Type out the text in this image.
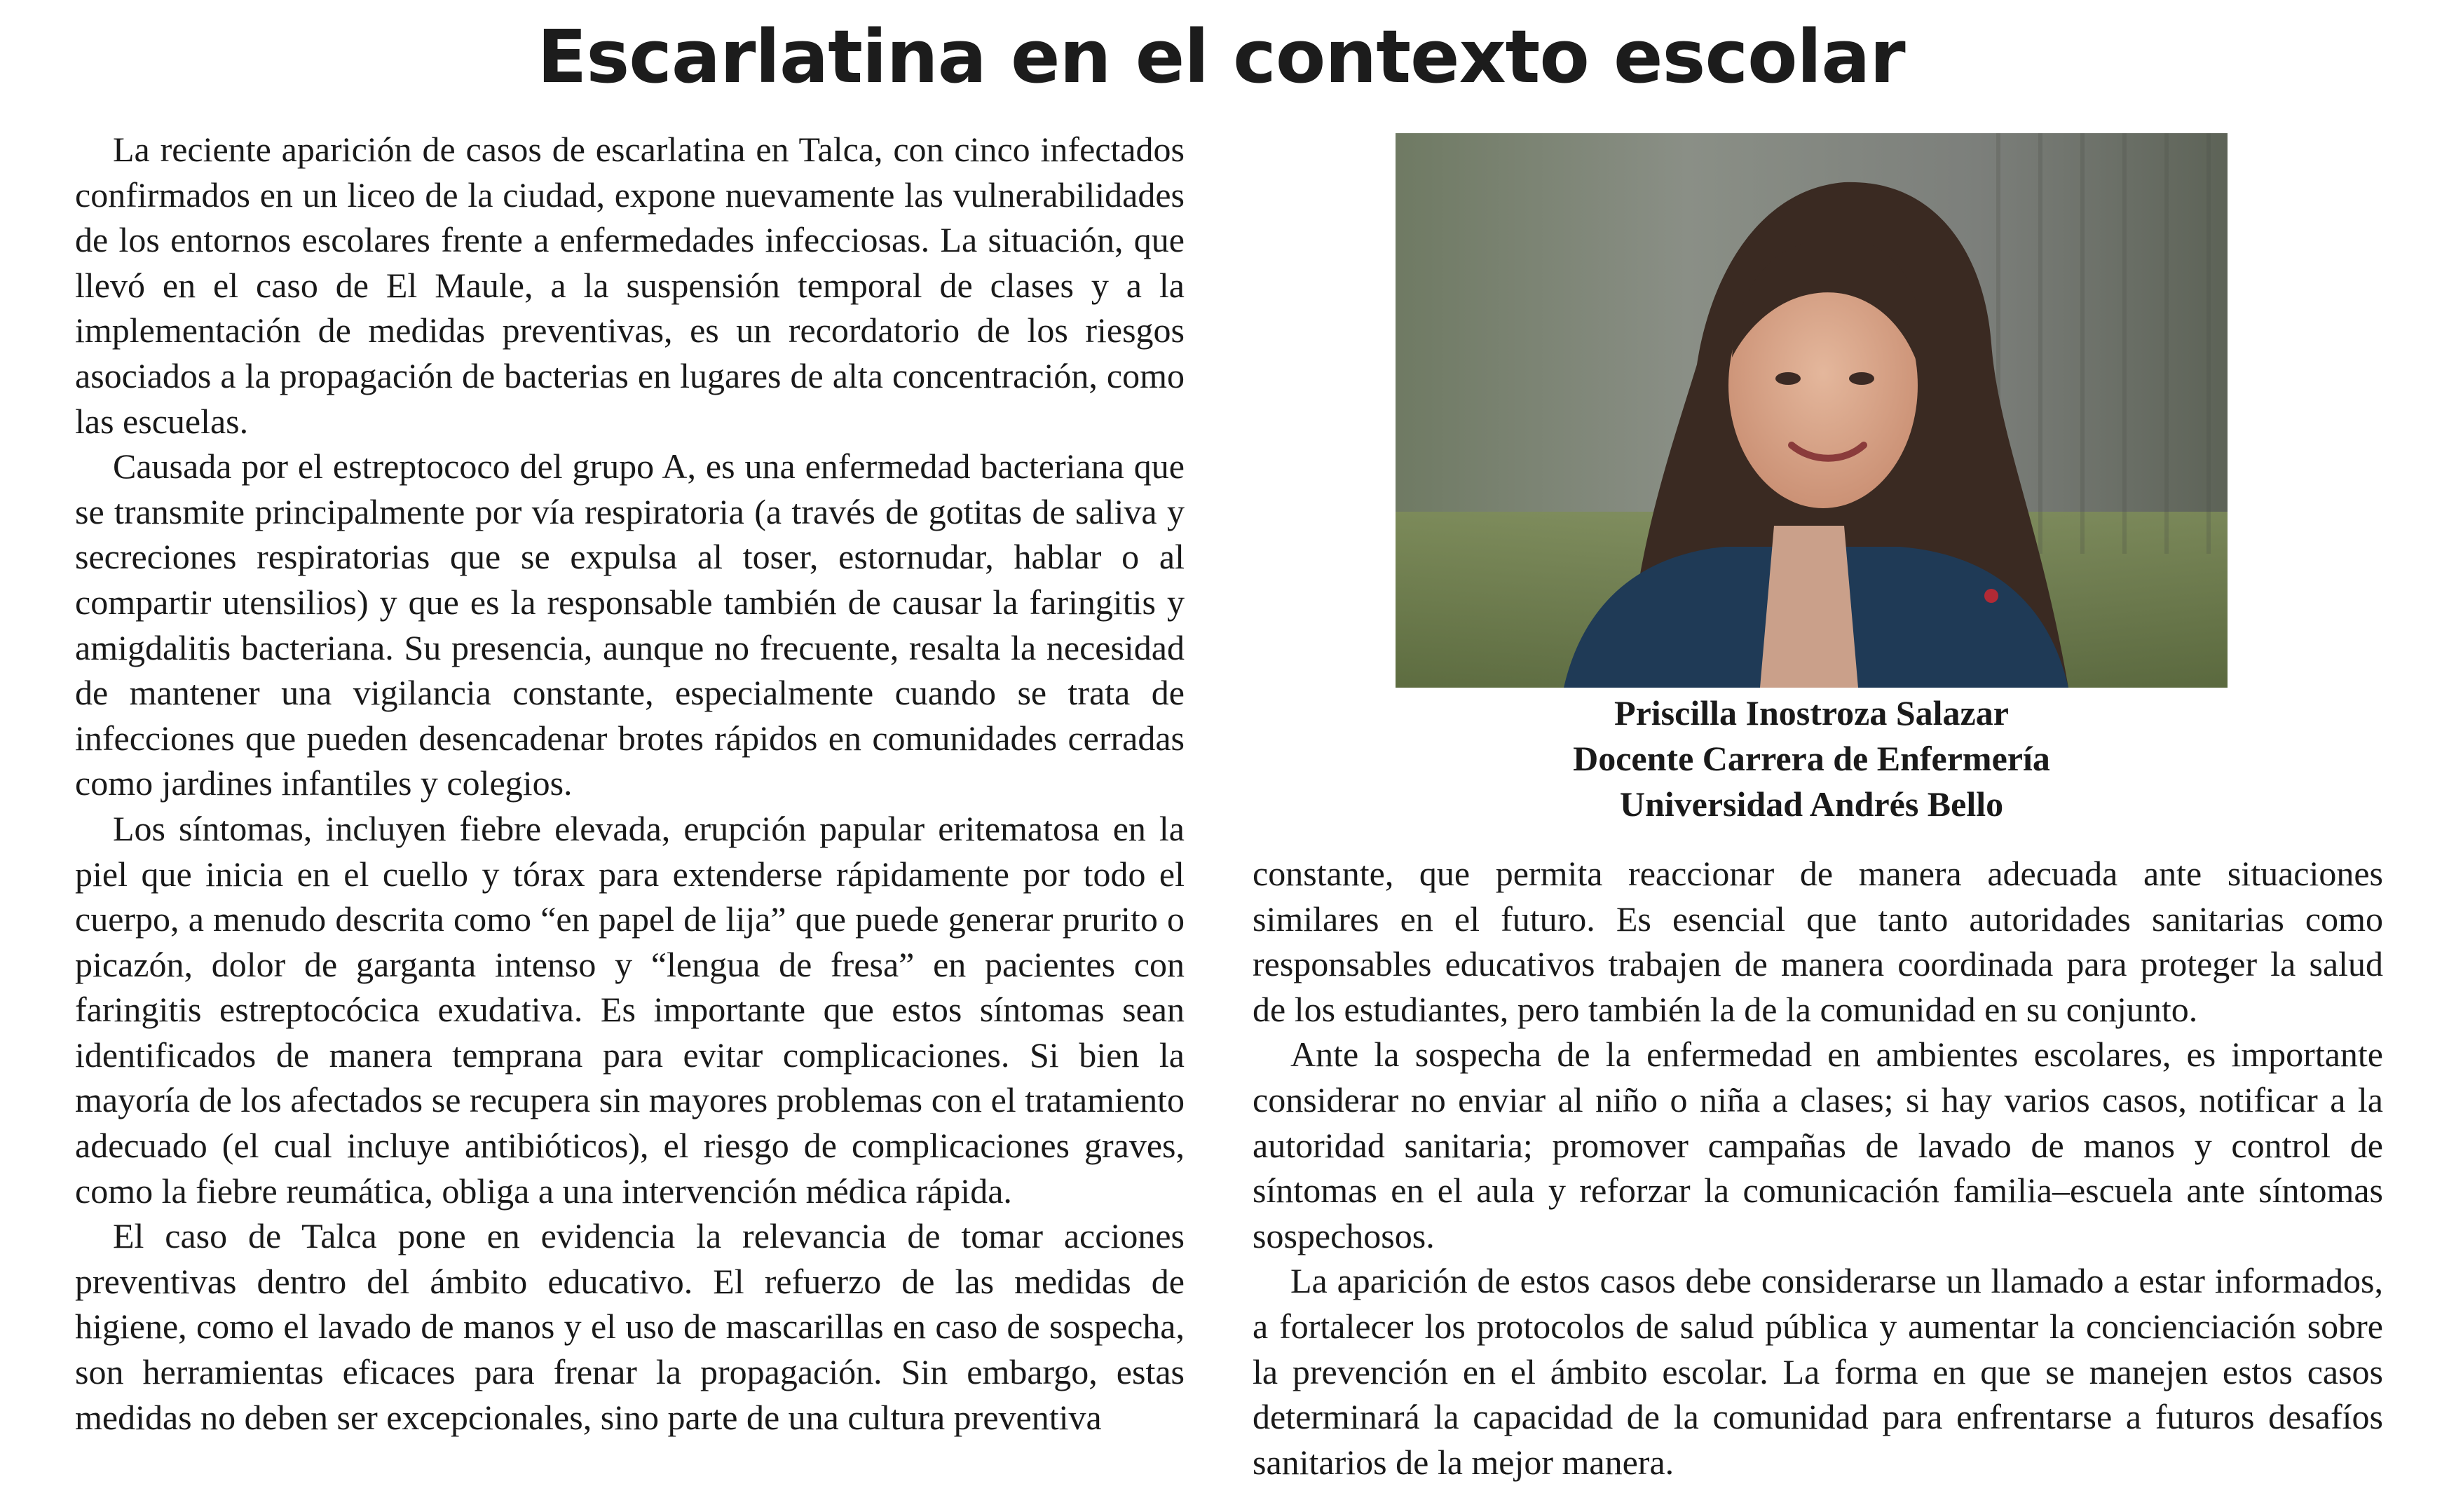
Escarlatina en el contexto escolar

La reciente aparición de casos de escarlatina en Talca, con cinco infectados confirmados en un liceo de la ciudad, expone nuevamente las vulnerabilidades de los entornos escolares frente a enfermedades infecciosas. La situación, que llevó en el caso de El Maule, a la suspensión temporal de clases y a la implementación de medidas preventivas, es un recordatorio de los riesgos asociados a la propagación de bacterias en lugares de alta concentración, como las escuelas.

Causada por el estreptococo del grupo A, es una enfermedad bacteriana que se transmite principalmente por vía respiratoria (a través de gotitas de saliva y secreciones respiratorias que se expulsa al toser, estornudar, hablar o al compartir utensilios) y que es la responsable también de causar la faringitis y amigdalitis bacteriana. Su presencia, aunque no frecuente, resalta la necesidad de mantener una vigilancia constante, especialmente cuando se trata de infecciones que pueden desencadenar brotes rápidos en comunidades cerradas como jardines infantiles y colegios.

Los síntomas, incluyen fiebre elevada, erupción papular eritematosa en la piel que inicia en el cuello y tórax para extenderse rápidamente por todo el cuerpo, a menudo descrita como “en papel de lija” que puede generar prurito o picazón, dolor de garganta intenso y “lengua de fresa” en pacientes con faringitis estreptocócica exudativa. Es importante que estos síntomas sean identificados de manera temprana para evitar complicaciones. Si bien la mayoría de los afectados se recupera sin mayores problemas con el tratamiento adecuado (el cual incluye antibióticos), el riesgo de complicaciones graves, como la fiebre reumática, obliga a una intervención médica rápida.

El caso de Talca pone en evidencia la relevancia de tomar acciones preventivas dentro del ámbito educativo. El refuerzo de las medidas de higiene, como el lavado de manos y el uso de mascarillas en caso de sospecha, son herramientas eficaces para frenar la propagación. Sin embargo, estas medidas no deben ser excepcionales, sino parte de una cultura preventiva

Priscilla Inostroza Salazar
Docente Carrera de Enfermería
Universidad Andrés Bello

constante, que permita reaccionar de manera adecuada ante situaciones similares en el futuro. Es esencial que tanto autoridades sanitarias como responsables educativos trabajen de manera coordinada para proteger la salud de los estudiantes, pero también la de la comunidad en su conjunto.

Ante la sospecha de la enfermedad en ambientes escolares, es importante considerar no enviar al niño o niña a clases; si hay varios casos, notificar a la autoridad sanitaria; promover campañas de lavado de manos y control de síntomas en el aula y reforzar la comunicación familia–escuela ante síntomas sospechosos.

La aparición de estos casos debe considerarse un llamado a estar informados, a fortalecer los protocolos de salud pública y aumentar la concienciación sobre la prevención en el ámbito escolar. La forma en que se manejen estos casos determinará la capacidad de la comunidad para enfrentarse a futuros desafíos sanitarios de la mejor manera.
